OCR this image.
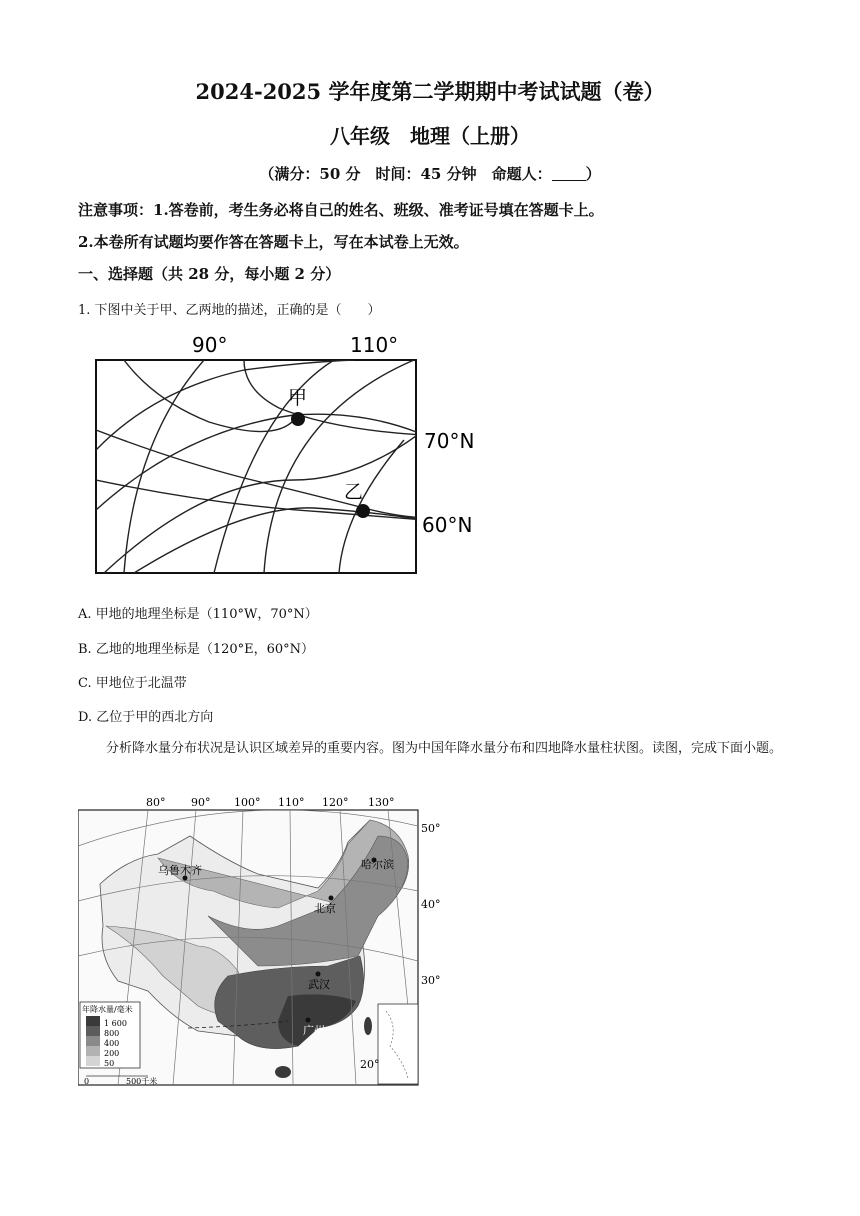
2024-2025 学年度第二学期期中考试试题（卷）
八年级　地理（上册）
（满分：50 分　时间：45 分钟　命题人： ）
注意事项：1.答卷前，考生务必将自己的姓名、班级、准考证号填在答题卡上。
2.本卷所有试题均要作答在答题卡上，写在本试卷上无效。
一、选择题（共 28 分，每小题 2 分）
1. 下图中关于甲、乙两地的描述，正确的是（　　）
甲
乙
90°	110°
70°N
60°N
A. 甲地的地理坐标是（110°W，70°N）
B. 乙地的地理坐标是（120°E，60°N）
C. 甲地位于北温带
D. 乙位于甲的西北方向
分析降水量分布状况是认识区域差异的重要内容。图为中国年降水量分布和四地降水量柱状图。读图，完成下面小题。
乌鲁木齐	哈尔滨
北京
武汉
广州
80° 90° 100° 110° 120° 130°
50°
40°
30°
20°
年降水量/毫米
1 600
800
400
200
50
0	500千米
